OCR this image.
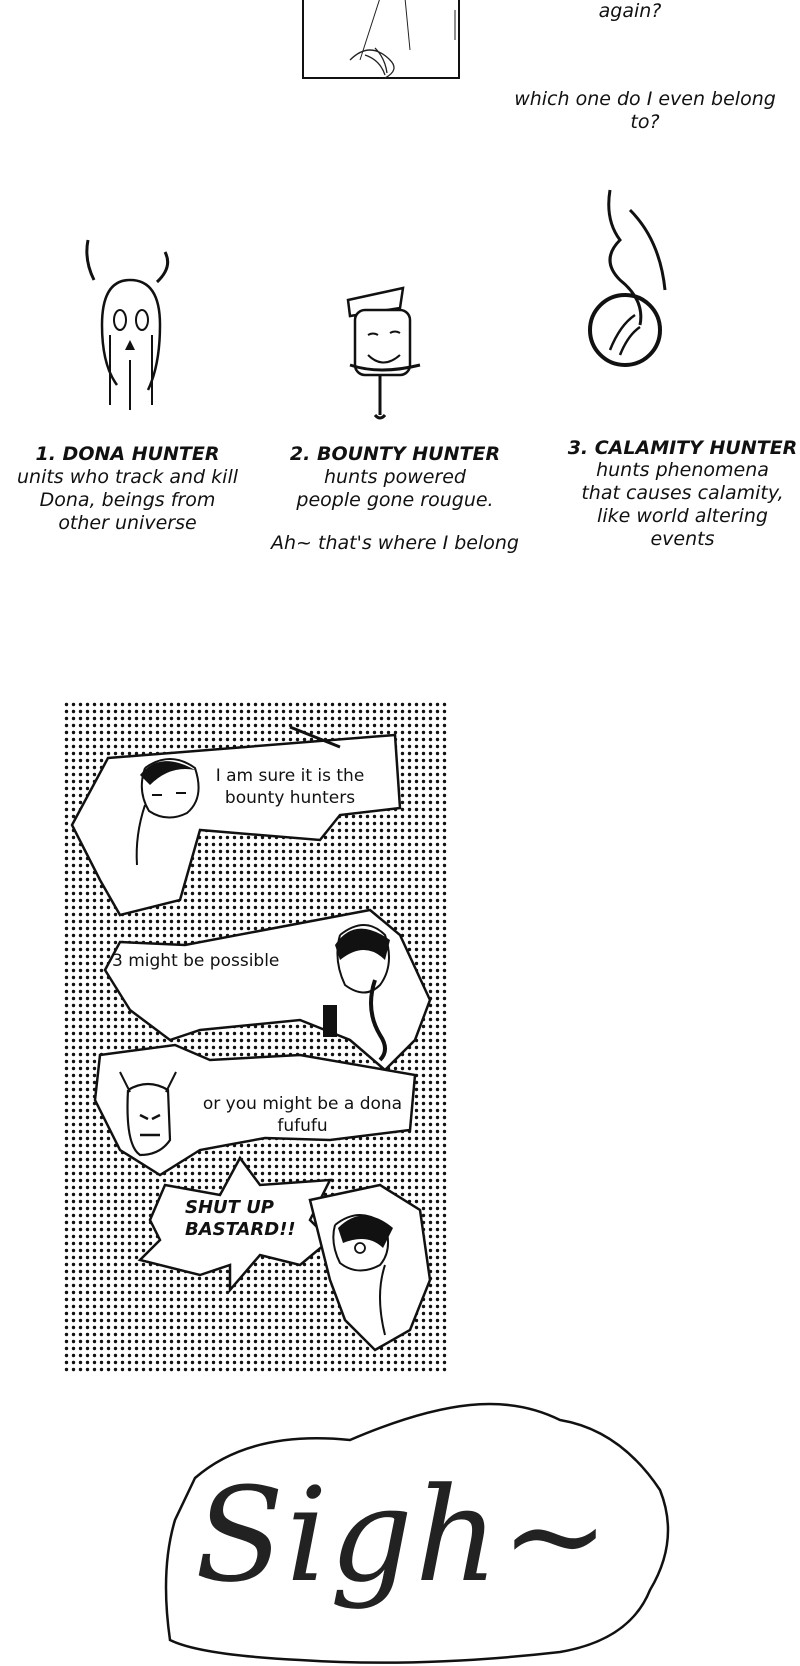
again?
which one do I even belong to?
1. DONA HUNTER
units who track and kill Dona, beings from other universe
2. BOUNTY HUNTER
hunts powered people gone rougue.
Ah~ that's where I belong
3. CALAMITY HUNTER
hunts phenomena that causes calamity, like world altering events
I am sure it is the bounty hunters
3 might be possible
or you might be a dona fufufu
SHUT UP BASTARD!!
Sigh~
